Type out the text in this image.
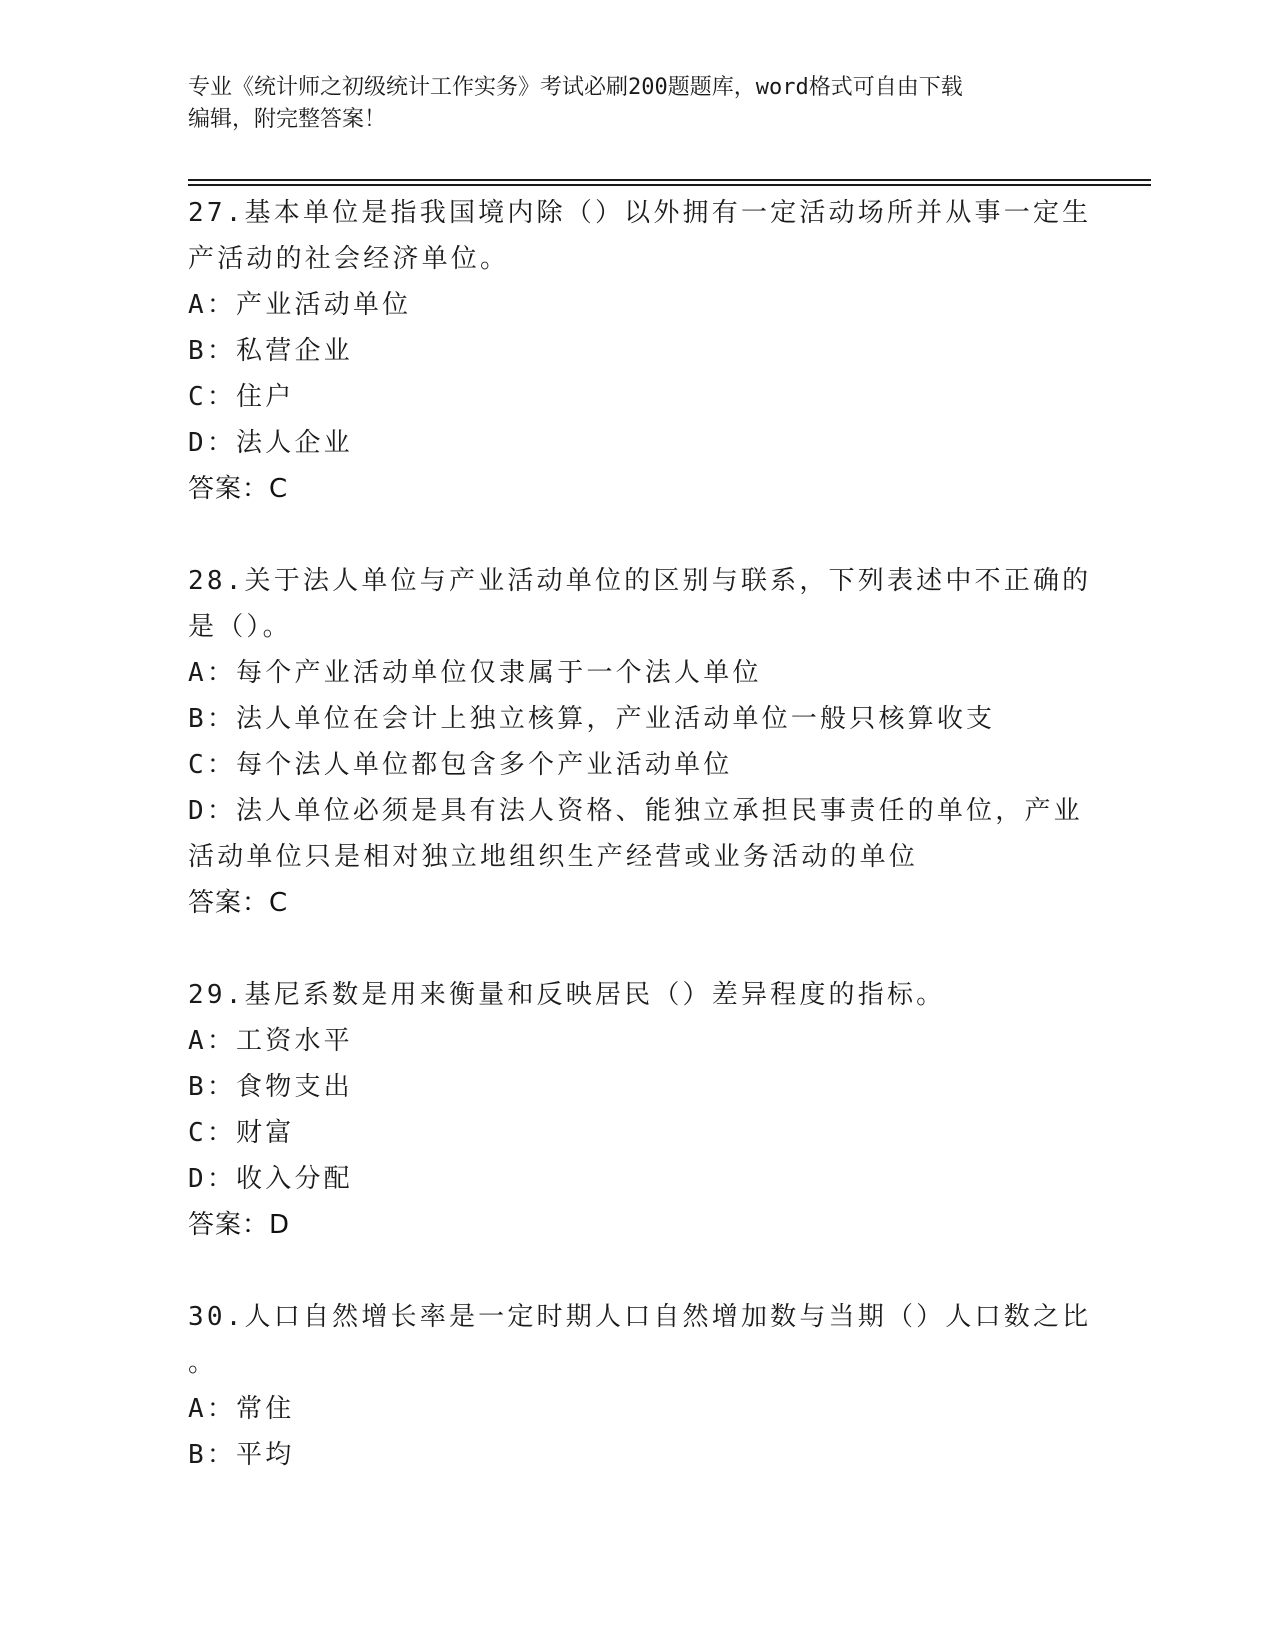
专业《统计师之初级统计工作实务》考试必刷200题题库，word格式可自由下载
编辑，附完整答案！
27.基本单位是指我国境内除（）以外拥有一定活动场所并从事一定生
产活动的社会经济单位。
A：产业活动单位
B：私营企业
C：住户
D：法人企业
答案：C
28.关于法人单位与产业活动单位的区别与联系，下列表述中不正确的
是（）。
A：每个产业活动单位仅隶属于一个法人单位
B：法人单位在会计上独立核算，产业活动单位一般只核算收支
C：每个法人单位都包含多个产业活动单位
D：法人单位必须是具有法人资格、能独立承担民事责任的单位，产业
活动单位只是相对独立地组织生产经营或业务活动的单位
答案：C
29.基尼系数是用来衡量和反映居民（）差异程度的指标。
A：工资水平
B：食物支出
C：财富
D：收入分配
答案：D
30.人口自然增长率是一定时期人口自然增加数与当期（）人口数之比
。
A：常住
B：平均
